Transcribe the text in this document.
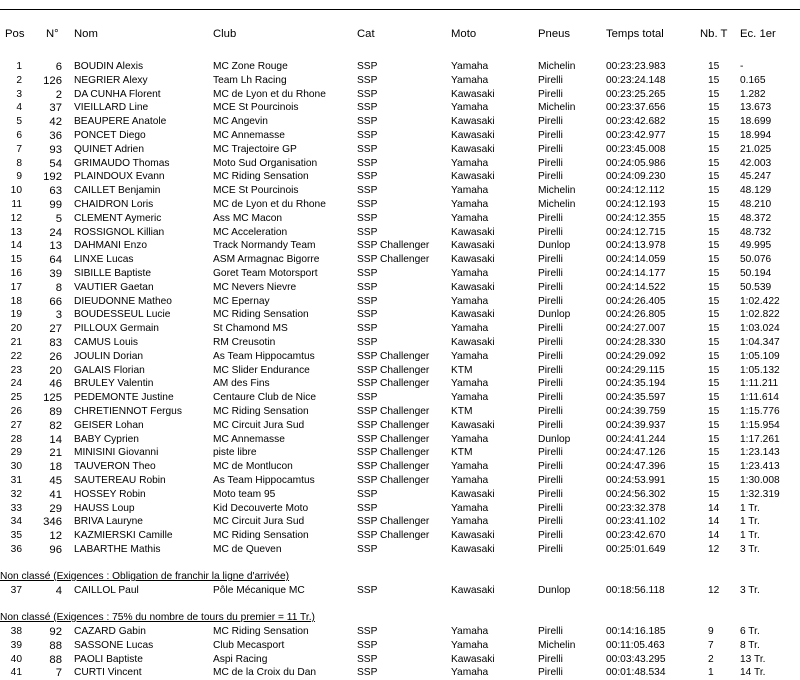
Pos N° Nom	Club	Cat	Moto	Pneus	Temps total	Nb. T Ec. 1er
1	6 BOUDIN Alexis	MC Zone Rouge	SSP	Yamaha	Michelin	00:23:23.983	15 -
2	126 NEGRIER Alexy	Team Lh Racing	SSP	Yamaha	Pirelli	00:23:24.148	15 0.165
3	2 DA CUNHA Florent	MC de Lyon et du Rhone	SSP	Kawasaki	Pirelli	00:23:25.265	15 1.282
4	37 VIEILLARD Line	MCE St Pourcinois	SSP	Yamaha	Michelin	00:23:37.656	15 13.673
5	42 BEAUPERE Anatole	MC Angevin	SSP	Kawasaki	Pirelli	00:23:42.682	15 18.699
6	36 PONCET Diego	MC Annemasse	SSP	Kawasaki	Pirelli	00:23:42.977	15 18.994
7	93 QUINET Adrien	MC Trajectoire GP	SSP	Kawasaki	Pirelli	00:23:45.008	15 21.025
8	54 GRIMAUDO Thomas	Moto Sud Organisation	SSP	Yamaha	Pirelli	00:24:05.986	15 42.003
9	192 PLAINDOUX Evann	MC Riding Sensation	SSP	Kawasaki	Pirelli	00:24:09.230	15 45.247
10	63 CAILLET Benjamin	MCE St Pourcinois	SSP	Yamaha	Michelin	00:24:12.112	15 48.129
11	99 CHAIDRON Loris	MC de Lyon et du Rhone	SSP	Yamaha	Michelin	00:24:12.193	15 48.210
12	5 CLEMENT Aymeric	Ass MC Macon	SSP	Yamaha	Pirelli	00:24:12.355	15 48.372
13	24 ROSSIGNOL Killian	MC Acceleration	SSP	Kawasaki	Pirelli	00:24:12.715	15 48.732
14	13 DAHMANI Enzo	Track Normandy Team	SSP Challenger Kawasaki	Dunlop	00:24:13.978	15 49.995
15	64 LINXE Lucas	ASM Armagnac Bigorre	SSP Challenger Kawasaki	Pirelli	00:24:14.059	15 50.076
16	39 SIBILLE Baptiste	Goret Team Motorsport	SSP	Yamaha	Pirelli	00:24:14.177	15 50.194
17	8 VAUTIER Gaetan	MC Nevers Nievre	SSP	Kawasaki	Pirelli	00:24:14.522	15 50.539
18	66 DIEUDONNE Matheo	MC Epernay	SSP	Yamaha	Pirelli	00:24:26.405	15 1:02.422
19	3 BOUDESSEUL Lucie	MC Riding Sensation	SSP	Kawasaki	Dunlop	00:24:26.805	15 1:02.822
20	27 PILLOUX Germain	St Chamond MS	SSP	Yamaha	Pirelli	00:24:27.007	15 1:03.024
21	83 CAMUS Louis	RM Creusotin	SSP	Kawasaki	Pirelli	00:24:28.330	15 1:04.347
22	26 JOULIN Dorian	As Team Hippocamtus	SSP Challenger Yamaha	Pirelli	00:24:29.092	15 1:05.109
23	20 GALAIS Florian	MC Slider Endurance	SSP Challenger KTM	Pirelli	00:24:29.115	15 1:05.132
24	46 BRULEY Valentin	AM des Fins	SSP Challenger Yamaha	Pirelli	00:24:35.194	15 1:11.211
25	125 PEDEMONTE Justine	Centaure Club de Nice	SSP	Yamaha	Pirelli	00:24:35.597	15 1:11.614
26	89 CHRETIENNOT Fergus	MC Riding Sensation	SSP Challenger KTM	Pirelli	00:24:39.759	15 1:15.776
27	82 GEISER Lohan	MC Circuit Jura Sud	SSP Challenger Kawasaki	Pirelli	00:24:39.937	15 1:15.954
28	14 BABY Cyprien	MC Annemasse	SSP Challenger Yamaha	Dunlop	00:24:41.244	15 1:17.261
29	21 MINISINI Giovanni	piste libre	SSP Challenger KTM	Pirelli	00:24:47.126	15 1:23.143
30	18 TAUVERON Theo	MC de Montlucon	SSP Challenger Yamaha	Pirelli	00:24:47.396	15 1:23.413
31	45 SAUTEREAU Robin	As Team Hippocamtus	SSP Challenger Yamaha	Pirelli	00:24:53.991	15 1:30.008
32	41 HOSSEY Robin	Moto team 95	SSP	Kawasaki	Pirelli	00:24:56.302	15 1:32.319
33	29 HAUSS Loup	Kid Decouverte Moto	SSP	Yamaha	Pirelli	00:23:32.378	14 1 Tr.
34	346 BRIVA Lauryne	MC Circuit Jura Sud	SSP Challenger Yamaha	Pirelli	00:23:41.102	14 1 Tr.
35	12 KAZMIERSKI Camille	MC Riding Sensation	SSP Challenger Kawasaki	Pirelli	00:23:42.670	14 1 Tr.
36	96 LABARTHE Mathis	MC de Queven	SSP	Kawasaki	Pirelli	00:25:01.649	12 3 Tr.
Non classé (Exigences : Obligation de franchir la ligne d'arrivée)
37	4 CAILLOL Paul	Pôle Mécanique MC	SSP	Kawasaki	Dunlop	00:18:56.118	12 3 Tr.
Non classé (Exigences : 75% du nombre de tours du premier = 11 Tr.)
38	92 CAZARD Gabin	MC Riding Sensation	SSP	Yamaha	Pirelli	00:14:16.185	9	6 Tr.
39	88 SASSONE Lucas	Club Mecasport	SSP	Yamaha	Michelin	00:11:05.463	7	8 Tr.
40	88 PAOLI Baptiste	Aspi Racing	SSP	Kawasaki	Pirelli	00:03:43.295	2	13 Tr.
41	7 CURTI Vincent	MC de la Croix du Dan	SSP	Yamaha	Pirelli	00:01:48.534	1	14 Tr.
